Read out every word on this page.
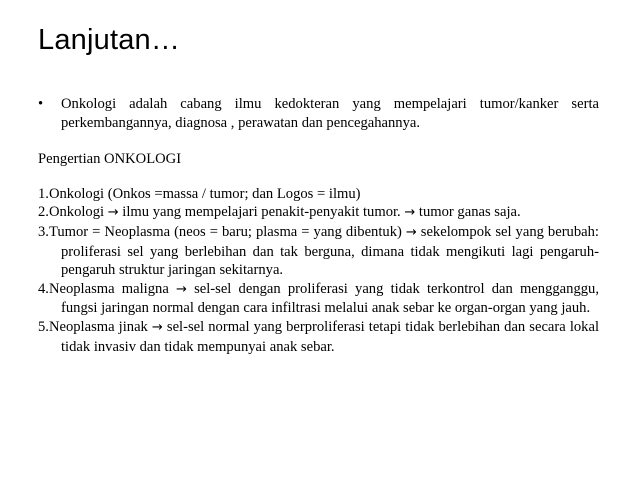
Lanjutan…
• Onkologi adalah cabang ilmu kedokteran yang mempelajari tumor/kanker serta perkembangannya, diagnosa , perawatan dan pencegahannya.
Pengertian ONKOLOGI
1.Onkologi (Onkos =massa / tumor; dan Logos = ilmu)
2.Onkologi → ilmu yang mempelajari penakit-penyakit tumor. → tumor ganas saja.
3.Tumor = Neoplasma (neos = baru; plasma = yang dibentuk) → sekelompok sel yang berubah: proliferasi sel yang berlebihan dan tak berguna, dimana tidak mengikuti lagi pengaruh-pengaruh struktur jaringan sekitarnya.
4.Neoplasma maligna → sel-sel dengan proliferasi yang tidak terkontrol dan mengganggu, fungsi jaringan normal dengan cara infiltrasi melalui anak sebar ke organ-organ yang jauh.
5.Neoplasma jinak → sel-sel normal yang berproliferasi tetapi tidak berlebihan dan secara lokal tidak invasiv dan tidak mempunyai anak sebar.
